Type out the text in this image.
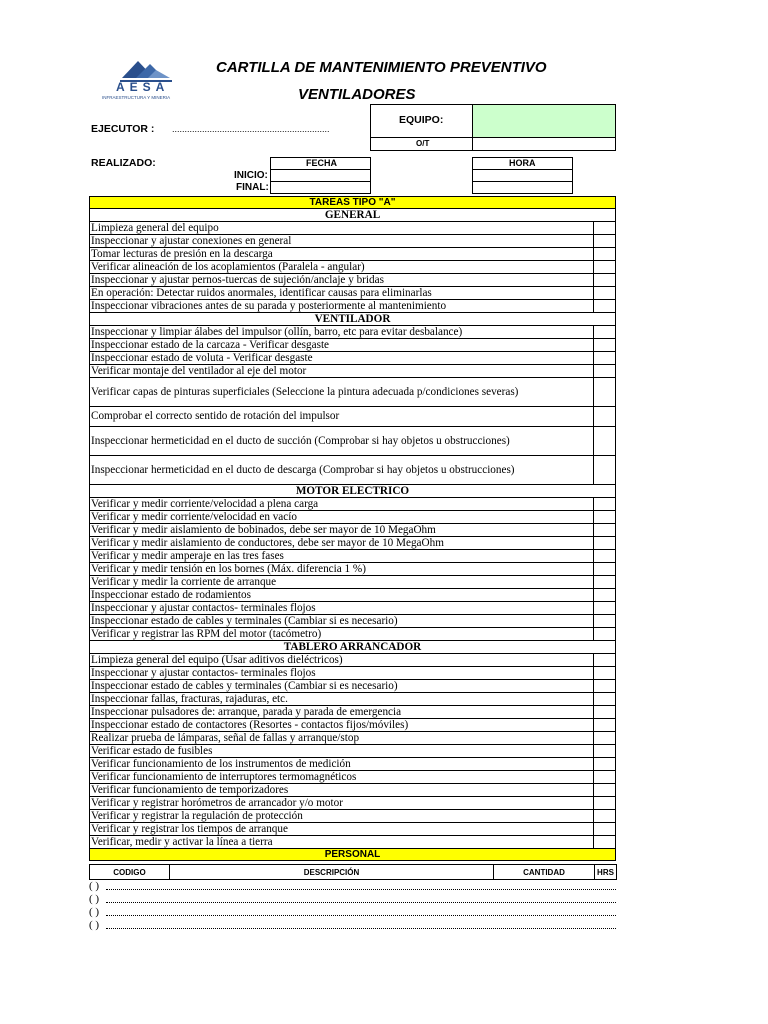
AESA
INFRAESTRUCTURA Y MINERIA
CARTILLA DE MANTENIMIENTO PREVENTIVO
VENTILADORES
EQUIPO:
O/T
EJECUTOR : ...............................................................
REALIZADO:	FECHA	HORA
INICIO:
FINAL:
TAREAS TIPO "A"	
GENERAL	
Limpieza general del equipo	
Inspeccionar y ajustar conexiones en general	
Tomar lecturas de presión en la descarga	
Verificar alineación de los acoplamientos (Paralela - angular)	
Inspeccionar y ajustar pernos-tuercas de sujeción/anclaje y bridas	
En operación: Detectar ruidos anormales, identificar causas para eliminarlas	
Inspeccionar vibraciones antes de su parada y posteriormente al mantenimiento	
VENTILADOR	
Inspeccionar y limpiar álabes del impulsor (ollín, barro, etc para evitar desbalance)	
Inspeccionar estado de la carcaza - Verificar desgaste	
Inspeccionar estado de voluta - Verificar desgaste	
Verificar montaje del ventilador al eje del motor	
Verificar capas de pinturas superficiales (Seleccione la pintura adecuada p/condiciones severas)	
Comprobar el correcto sentido de rotación del impulsor	
Inspeccionar hermeticidad en el ducto de succión (Comprobar si hay objetos u obstrucciones)	
Inspeccionar hermeticidad en el ducto de descarga (Comprobar si hay objetos u obstrucciones)	
MOTOR ELECTRICO	
Verificar y medir corriente/velocidad a plena carga	
Verificar y medir corriente/velocidad en vacío	
Verificar y medir aislamiento de bobinados, debe ser mayor de 10 MegaOhm	
Verificar y medir aislamiento de conductores, debe ser mayor de 10 MegaOhm	
Verificar y medir amperaje en las tres fases	
Verificar y medir tensión en los bornes (Máx. diferencia 1 %)	
Verificar y medir la corriente de arranque	
Inspeccionar estado de rodamientos	
Inspeccionar y ajustar contactos- terminales flojos	
Inspeccionar estado de cables y terminales (Cambiar si es necesario)	
Verificar y registrar las RPM del motor (tacómetro)	
TABLERO ARRANCADOR	
Limpieza general del equipo (Usar aditivos dieléctricos)	
Inspeccionar y ajustar contactos- terminales flojos	
Inspeccionar estado de cables y terminales (Cambiar si es necesario)	
Inspeccionar fallas, fracturas, rajaduras, etc.	
Inspeccionar pulsadores de: arranque, parada y parada de emergencia	
Inspeccionar estado de contactores (Resortes - contactos fijos/móviles)	
Realizar prueba de lámparas, señal de fallas y arranque/stop	
Verificar estado de fusibles	
Verificar funcionamiento de los instrumentos de medición	
Verificar funcionamiento de interruptores termomagnéticos	
Verificar funcionamiento de temporizadores	
Verificar y registrar horómetros de arrancador y/o motor	
Verificar y registrar la regulación de protección	
Verificar y registrar los tiempos de arranque	
Verificar, medir y activar la línea a tierra	
PERSONAL	
CODIGO	DESCRIPCIÓN	CANTIDAD	HRS
( )
( )
( )
( )
